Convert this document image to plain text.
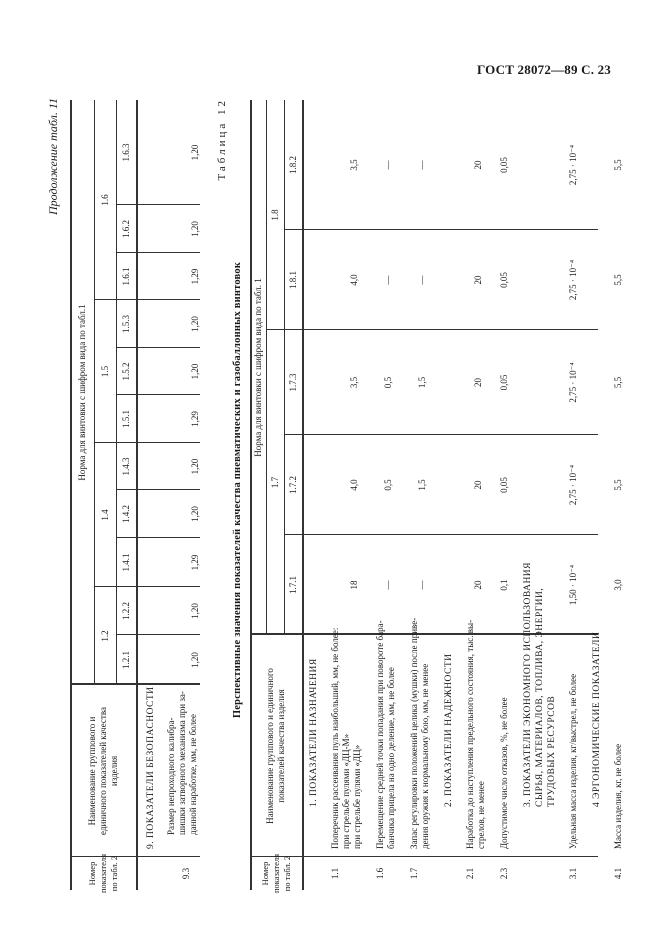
ГОСТ 28072—89 С. 23
Продолжение табл. 11
Номер показателя по табл. 2
Наименование группового и единичного показателей качества изделия
Норма для винтовки с шифром вида по табл.1
1.2
1.4
1.5
1.6
1.2.1
1.2.2
1.4.1
1.4.2
1.4.3
1.5.1
1.5.2
1.5.3
1.6.1
1.6.2
1.6.3
9. ПОКАЗАТЕЛИ БЕЗОПАСНОСТИ
9.3
Размер непроходного калибра- шишки затворного механизма при за- данной наработке, мм, не более
1,20
1,20
1,29
1,20
1,20
1,29
1,20
1,20
1,29
1,20
1,20 Таблица 12
Перспективные значения показателей качества пневматических и газобаллонных винтовок
Номер показателя по табл. 2
Наименование группового и единичного показателей качества изделия
Норма для винтовки с шифром вида по табл. 1
1.7
1.8
1.7.1
1.7.2
1.7.3
1.8.1
1.8.2
1. ПОКАЗАТЕЛИ НАЗНАЧЕНИЯ
1.1
Поперечник рассеивания пуль наибольший, мм, не более: при стрельбе пулями «ДЦ-М» при стрельбе пулями «ДЦ»
18
4,0
3,5
4,0
3,5
1.6
Перемещение средней точки попадания при повороте бара- банчика прицела на одно деление, мм, не более
—
0,5
0,5
—
—
1.7
Запас регулировки положений целика (мушки) после приве- дения оружия к нормальному бою, мм, не менее
—
1,5
1,5
—
—
2. ПОКАЗАТЕЛИ НАДЕЖНОСТИ
2.1
Наработка до наступления предельного состояния, тыс. вы- стрелов, не менее
20
20
20
20
20
2.3
Допустимое число отказов, %, не более
0,1
0,05
0,05
0,05
0,05
3. ПОКАЗАТЕЛИ ЭКОНОМНОГО ИСПОЛЬЗОВАНИЯ СЫРЬЯ, МАТЕРИАЛОВ, ТОПЛИВА, ЭНЕРГИИ, ТРУДОВЫХ РЕСУРСОВ
3.1
Удельная масса изделия, кг/выстрел, не более
1,50 · 10⁻⁴
2,75 · 10⁻⁴
2,75 · 10⁻⁴
2,75 · 10⁻⁴
2,75 · 10⁻⁴
4 ЭРГОНОМИЧЕСКИЕ ПОКАЗАТЕЛИ
4.1
Масса изделия, кг, не более
3,0
5,5
5,5
5,5
5,5
